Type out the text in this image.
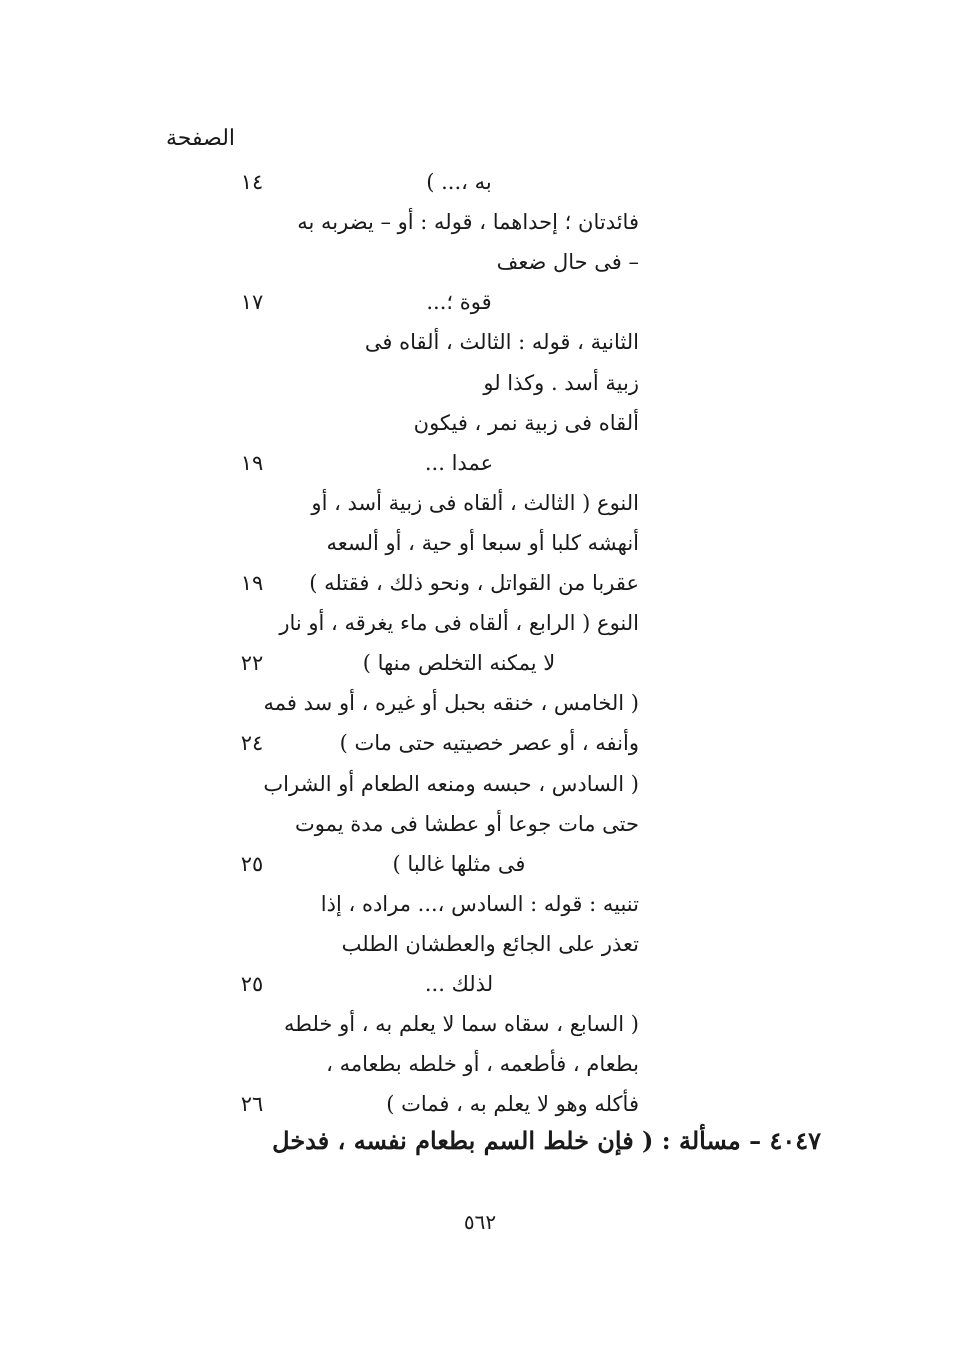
الصفحة
به ،... )
١٤
فائدتان ؛ إحداهما ، قوله : أو – يضربه به
– فى حال ضعف
قوة ؛...
١٧
الثانية ، قوله : الثالث ، ألقاه فى
زبية أسد . وكذا لو
ألقاه فى زبية نمر ، فيكون
عمدا ...
١٩
النوع ( الثالث ، ألقاه فى زبية أسد ، أو
أنهشه كلبا أو سبعا أو حية ، أو ألسعه
عقربا من القواتل ، ونحو ذلك ، فقتله )
١٩
النوع ( الرابع ، ألقاه فى ماء يغرقه ، أو نار
لا يمكنه التخلص منها )
٢٢
( الخامس ، خنقه بحبل أو غيره ، أو سد فمه
وأنفه ، أو عصر خصيتيه حتى مات )
٢٤
( السادس ، حبسه ومنعه الطعام أو الشراب
حتى مات جوعا أو عطشا فى مدة يموت
فى مثلها غالبا )
٢٥
تنبيه : قوله : السادس ،... مراده ، إذا
تعذر على الجائع والعطشان الطلب
لذلك ...
٢٥
( السابع ، سقاه سما لا يعلم به ، أو خلطه
بطعام ، فأطعمه ، أو خلطه بطعامه ،
فأكله وهو لا يعلم به ، فمات )
٢٦
٤٠٤٧ – مسألة : ( فإن خلط السم بطعام نفسه ، فدخل
٥٦٢
